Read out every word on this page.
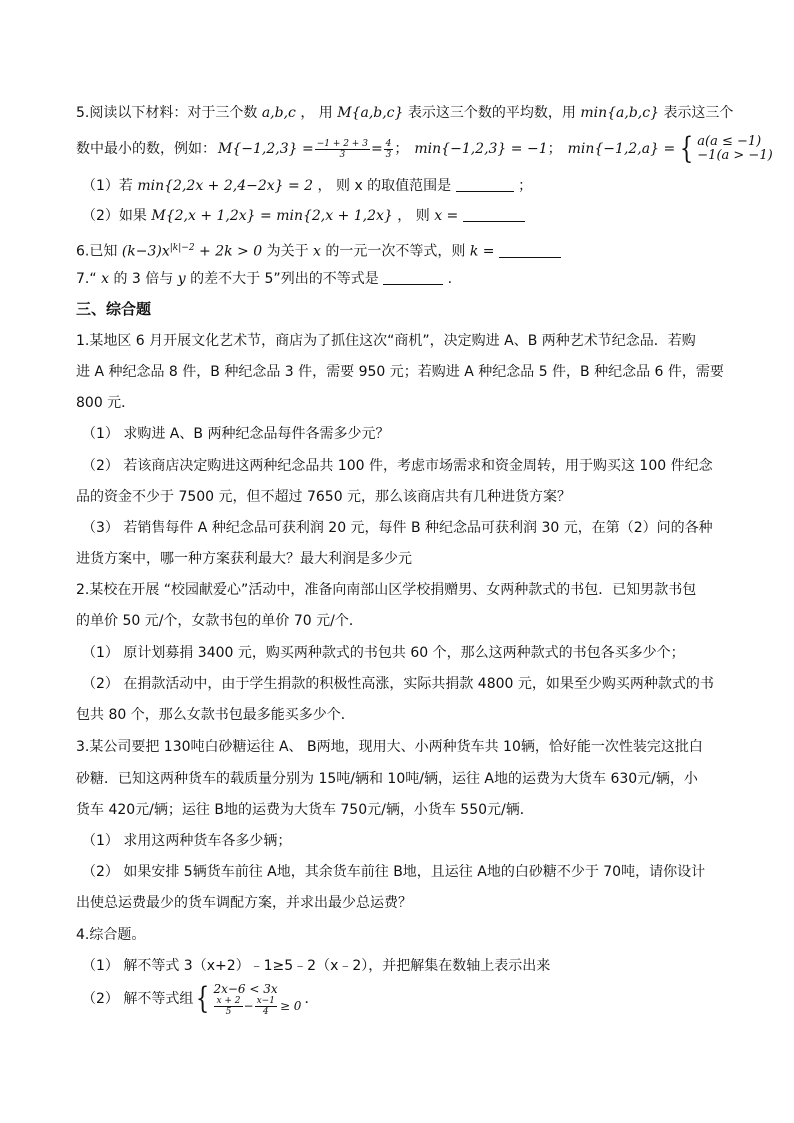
5.阅读以下材料：对于三个数 a,b,c ， 用 M{a,b,c} 表示这三个数的平均数，用 min{a,b,c} 表示这三个
数中最小的数，例如： $M\{-1,2,3\} = \frac{-1 + 2 + 3}{3} = \frac{4}{3}$ ； min{−1,2,3} = −1 ； min{−1,2,a} = { a(a ≤ −1)
−1(a > −1)
（1）若 min{2,2x + 2,4−2x} = 2 ， 则 x 的取值范围是	；
（2）如果 M{2,x + 1,2x} = min{2,x + 1,2x} ， 则 x =
6.已知 $(k-3)x^{|k|-2} + 2k > 0$ 为关于 x 的一元一次不等式，则 k =
7.“ x 的 3 倍与 y 的差不大于 5”列出的不等式是	.
三、综合题
1.某地区 6 月开展文化艺术节，商店为了抓住这次“商机”，决定购进 A、B 两种艺术节纪念品．若购
进 A 种纪念品 8 件，B 种纪念品 3 件，需要 950 元；若购进 A 种纪念品 5 件，B 种纪念品 6 件，需要
800 元．
（1） 求购进 A、B 两种纪念品每件各需多少元？
（2） 若该商店决定购进这两种纪念品共 100 件，考虑市场需求和资金周转，用于购买这 100 件纪念
品的资金不少于 7500 元，但不超过 7650 元，那么该商店共有几种进货方案？
（3） 若销售每件 A 种纪念品可获利润 20 元，每件 B 种纪念品可获利润 30 元，在第（2）问的各种
进货方案中，哪一种方案获利最大？最大利润是多少元
2.某校在开展 “校园献爱心”活动中，准备向南部山区学校捐赠男、女两种款式的书包．已知男款书包
的单价 50 元/个，女款书包的单价 70 元/个．
（1） 原计划募捐 3400 元，购买两种款式的书包共 60 个，那么这两种款式的书包各买多少个；
（2） 在捐款活动中，由于学生捐款的积极性高涨，实际共捐款 4800 元，如果至少购买两种款式的书
包共 80 个，那么女款书包最多能买多少个．
3.某公司要把 130吨白砂糖运往 A、 B两地，现用大、小两种货车共 10辆，恰好能一次性装完这批白
砂糖．已知这两种货车的载质量分别为 15吨/辆和 10吨/辆，运往 A地的运费为大货车 630元/辆，小
货车 420元/辆；运往 B地的运费为大货车 750元/辆，小货车 550元/辆．
（1） 求用这两种货车各多少辆；
（2） 如果安排 5辆货车前往 A地，其余货车前往 B地，且运往 A地的白砂糖不少于 70吨，请你设计
出使总运费最少的货车调配方案，并求出最少总运费？
4.综合题。
（1） 解不等式 3（x+2）﹣1≥5﹣2（x﹣2），并把解集在数轴上表示出来
（2） 解不等式组 { 2x−6 < 3x
$\frac{x + 2}{5} - \frac{x-1}{4} \ge 0$ ．
